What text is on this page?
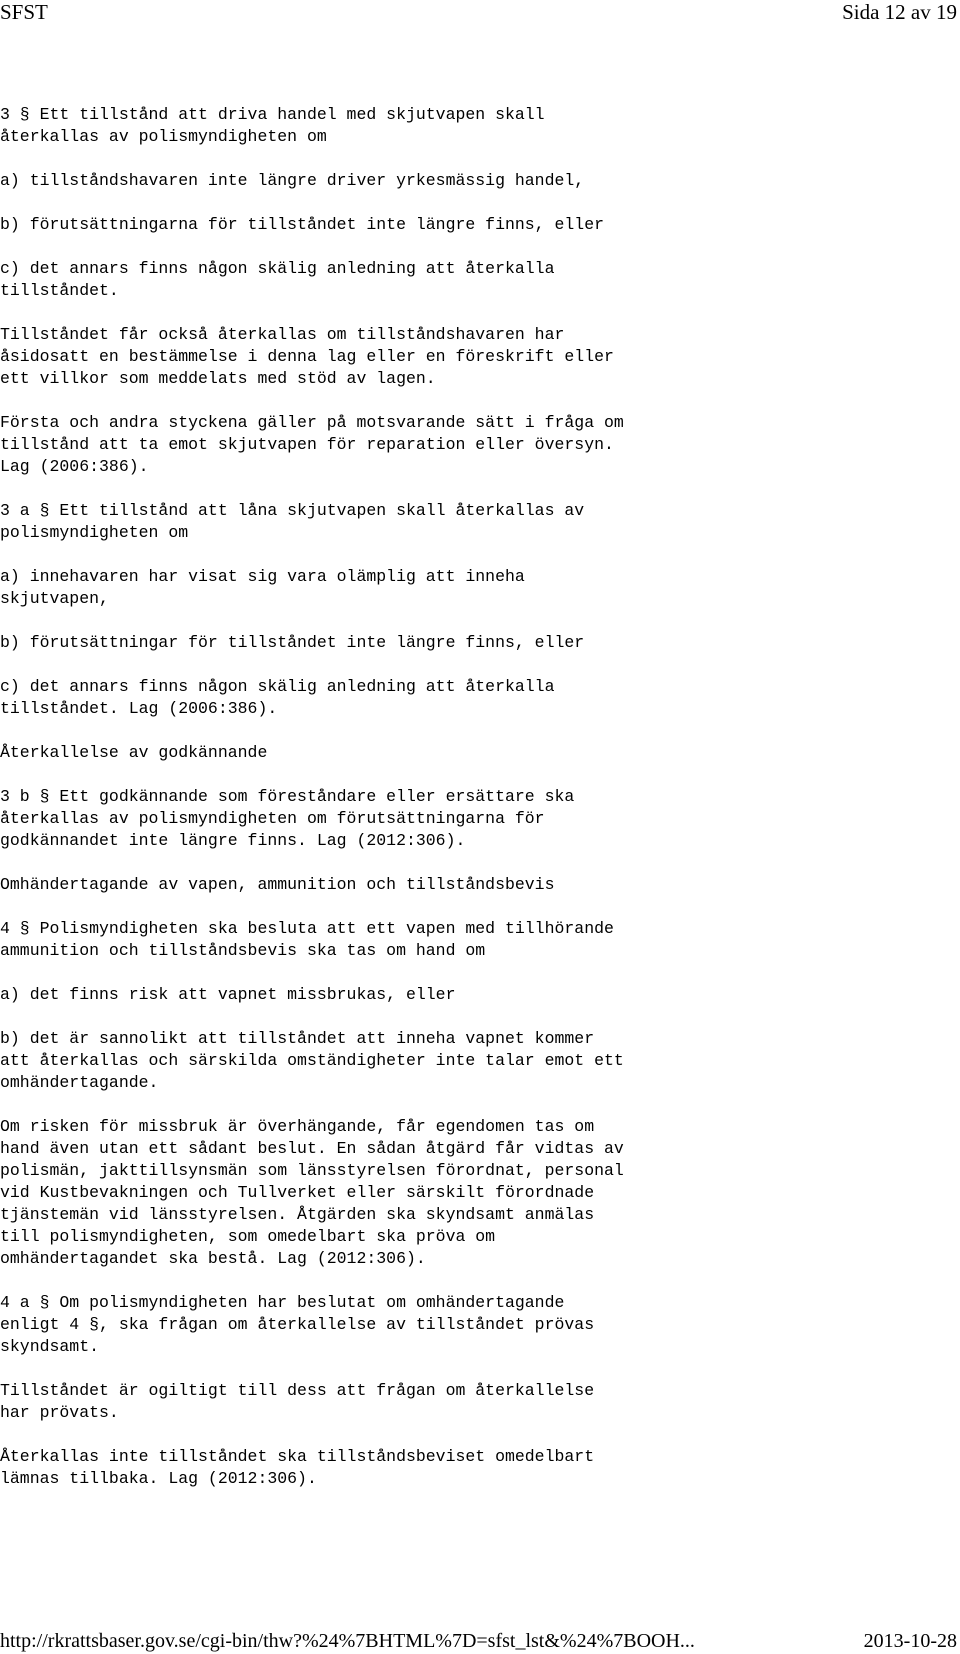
SFST	Sida 12 av 19

3 § Ett tillstånd att driva handel med skjutvapen skall
återkallas av polismyndigheten om

a) tillståndshavaren inte längre driver yrkesmässig handel,

b) förutsättningarna för tillståndet inte längre finns, eller

c) det annars finns någon skälig anledning att återkalla
tillståndet.

Tillståndet får också återkallas om tillståndshavaren har
åsidosatt en bestämmelse i denna lag eller en föreskrift eller
ett villkor som meddelats med stöd av lagen.

Första och andra styckena gäller på motsvarande sätt i fråga om
tillstånd att ta emot skjutvapen för reparation eller översyn.
Lag (2006:386).

3 a § Ett tillstånd att låna skjutvapen skall återkallas av
polismyndigheten om

a) innehavaren har visat sig vara olämplig att inneha
skjutvapen,

b) förutsättningar för tillståndet inte längre finns, eller

c) det annars finns någon skälig anledning att återkalla
tillståndet. Lag (2006:386).

Återkallelse av godkännande

3 b § Ett godkännande som föreståndare eller ersättare ska
återkallas av polismyndigheten om förutsättningarna för
godkännandet inte längre finns. Lag (2012:306).

Omhändertagande av vapen, ammunition och tillståndsbevis

4 § Polismyndigheten ska besluta att ett vapen med tillhörande
ammunition och tillståndsbevis ska tas om hand om

a) det finns risk att vapnet missbrukas, eller

b) det är sannolikt att tillståndet att inneha vapnet kommer
att återkallas och särskilda omständigheter inte talar emot ett
omhändertagande.

Om risken för missbruk är överhängande, får egendomen tas om
hand även utan ett sådant beslut. En sådan åtgärd får vidtas av
polismän, jakttillsynsmän som länsstyrelsen förordnat, personal
vid Kustbevakningen och Tullverket eller särskilt förordnade
tjänstemän vid länsstyrelsen. Åtgärden ska skyndsamt anmälas
till polismyndigheten, som omedelbart ska pröva om
omhändertagandet ska bestå. Lag (2012:306).

4 a § Om polismyndigheten har beslutat om omhändertagande
enligt 4 §, ska frågan om återkallelse av tillståndet prövas
skyndsamt.

Tillståndet är ogiltigt till dess att frågan om återkallelse
har prövats.

Återkallas inte tillståndet ska tillståndsbeviset omedelbart
lämnas tillbaka. Lag (2012:306).

http://rkrattsbaser.gov.se/cgi-bin/thw?%24%7BHTML%7D=sfst_lst&%24%7BOOH...	2013-10-28
